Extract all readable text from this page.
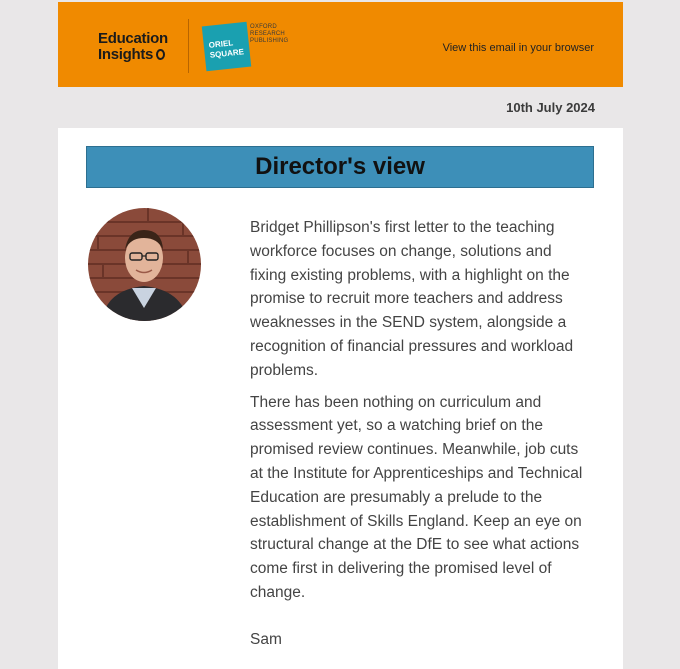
Education
Insights
ORIEL
SQUARE
OXFORD RESEARCH PUBLISHING
View this email in your browser
10th July 2024
Director's view

Bridget Phillipson's first letter to the teaching workforce focuses on change, solutions and fixing existing problems, with a highlight on the promise to recruit more teachers and address weaknesses in the SEND system, alongside a recognition of financial pressures and workload problems.

There has been nothing on curriculum and assessment yet, so a watching brief on the promised review continues. Meanwhile, job cuts at the Institute for Apprenticeships and Technical Education are presumably a prelude to the establishment of Skills England. Keep an eye on structural change at the DfE to see what actions come first in delivering the promised level of change.

Sam
